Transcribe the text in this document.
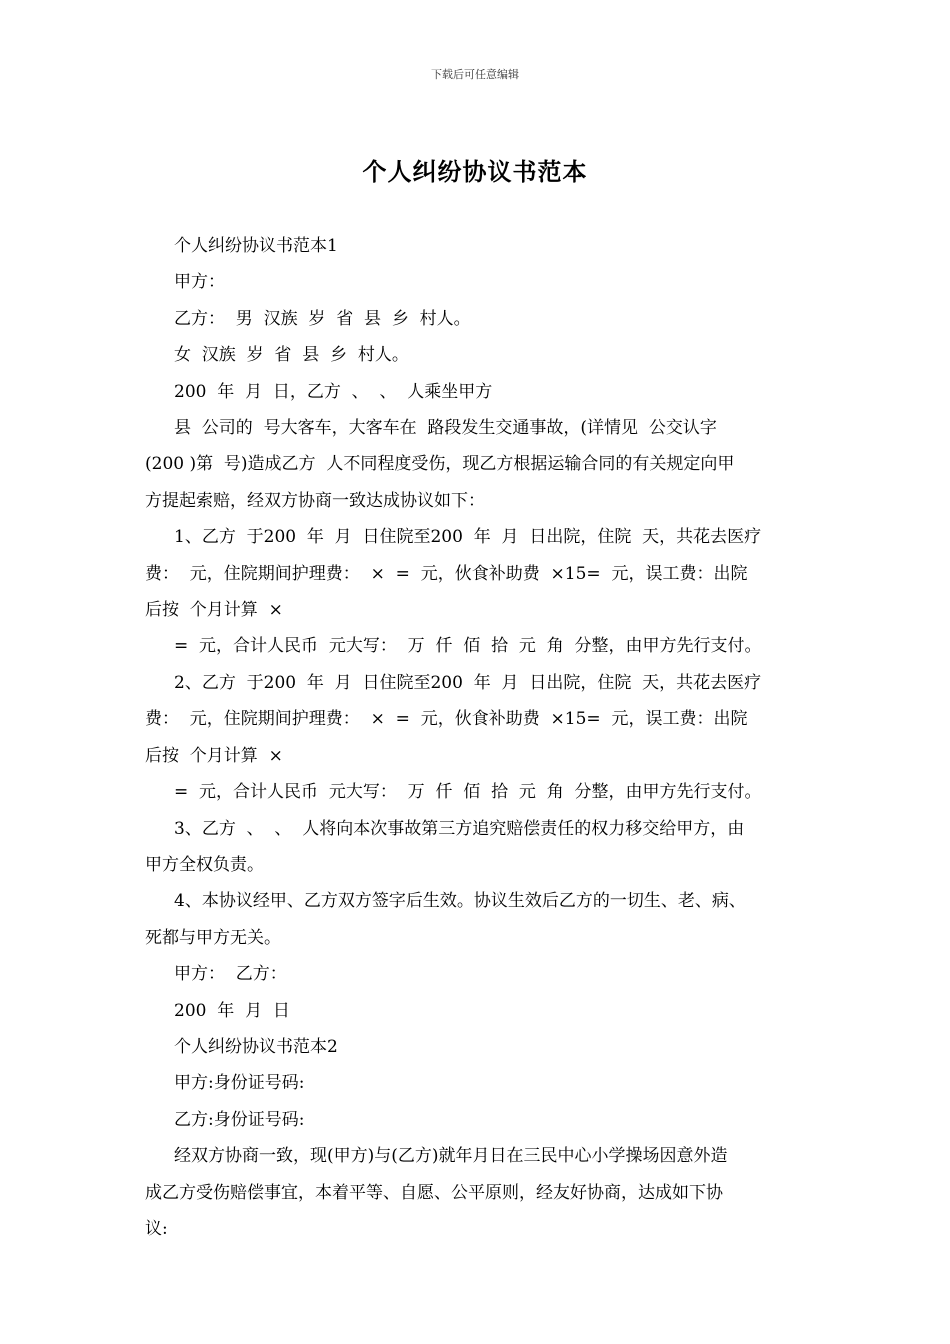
下载后可任意编辑
个人纠纷协议书范本

个人纠纷协议书范本1

甲方：

乙方：  男  汉族  岁  省  县  乡  村人。

女  汉族  岁  省  县  乡  村人。

200  年  月  日，乙方  、  、  人乘坐甲方

县  公司的  号大客车，大客车在  路段发生交通事故，(详情见  公交认字

(200 )第  号)造成乙方  人不同程度受伤，现乙方根据运输合同的有关规定向甲

方提起索赔，经双方协商一致达成协议如下：

1、乙方  于200  年  月  日住院至200  年  月  日出院，住院  天，共花去医疗

费：  元，住院期间护理费：  ×  =  元，伙食补助费  ×15=  元，误工费：出院

后按  个月计算  ×

=  元，合计人民币  元大写：  万  仟  佰  拾  元  角  分整，由甲方先行支付。

2、乙方  于200  年  月  日住院至200  年  月  日出院，住院  天，共花去医疗

费：  元，住院期间护理费：  ×  =  元，伙食补助费  ×15=  元，误工费：出院

后按  个月计算  ×

=  元，合计人民币  元大写：  万  仟  佰  拾  元  角  分整，由甲方先行支付。

3、乙方  、  、  人将向本次事故第三方追究赔偿责任的权力移交给甲方，由

甲方全权负责。

4、本协议经甲、乙方双方签字后生效。协议生效后乙方的一切生、老、病、

死都与甲方无关。

甲方：  乙方：

200  年  月  日

个人纠纷协议书范本2

甲方:身份证号码:

乙方:身份证号码:

经双方协商一致，现(甲方)与(乙方)就年月日在三民中心小学操场因意外造

成乙方受伤赔偿事宜，本着平等、自愿、公平原则，经友好协商，达成如下协

议:
